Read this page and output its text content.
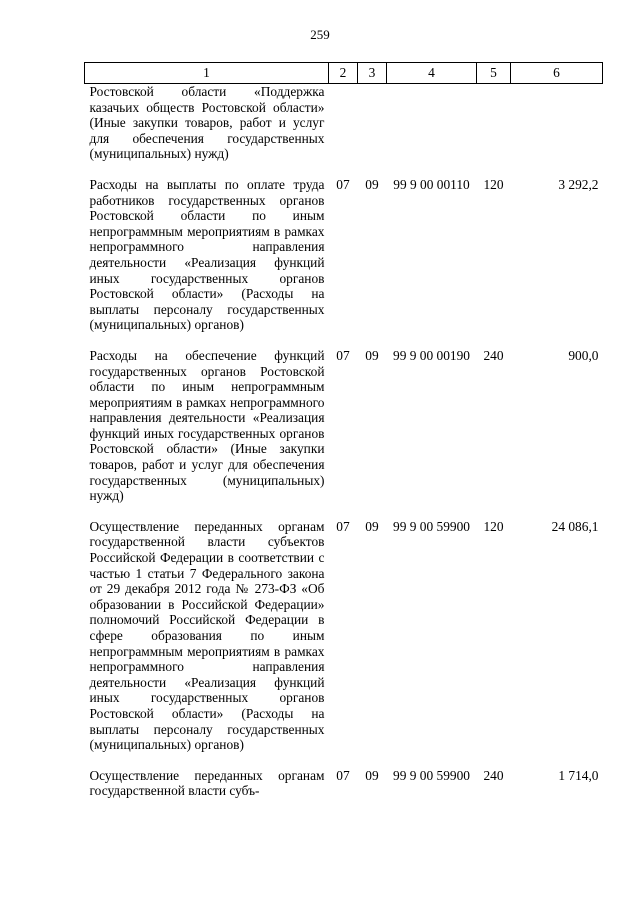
259
1	2	3	4	5	6
Ростовской области «Поддержка казачьих обществ Ростовской области» (Иные закупки товаров, работ и услуг для обеспечения государственных (муниципальных) нужд)					
Расходы на выплаты по оплате труда работников государственных органов Ростовской области по иным непрограммным мероприятиям в рамках непрограммного направления деятельности «Реализация функций иных государственных органов Ростовской области» (Расходы на выплаты персоналу государственных (муниципальных) органов)	07	09	99 9 00 00110	120	3 292,2
Расходы на обеспечение функций государственных органов Ростовской области по иным непрограммным мероприятиям в рамках непрограммного направления деятельности «Реализация функций иных государственных органов Ростовской области» (Иные закупки товаров, работ и услуг для обеспечения государственных (муниципальных) нужд)	07	09	99 9 00 00190	240	900,0
Осуществление переданных органам государственной власти субъектов Российской Федерации в соответствии с частью 1 статьи 7 Федерального закона от 29 декабря 2012 года № 273-ФЗ «Об образовании в Российской Федерации» полномочий Российской Федерации в сфере образования по иным непрограммным мероприятиям в рамках непрограммного направления деятельности «Реализация функций иных государственных органов Ростовской области» (Расходы на выплаты персоналу государственных (муниципальных) органов)	07	09	99 9 00 59900	120	24 086,1
Осуществление переданных органам государственной власти субъ-	07	09	99 9 00 59900	240	1 714,0
